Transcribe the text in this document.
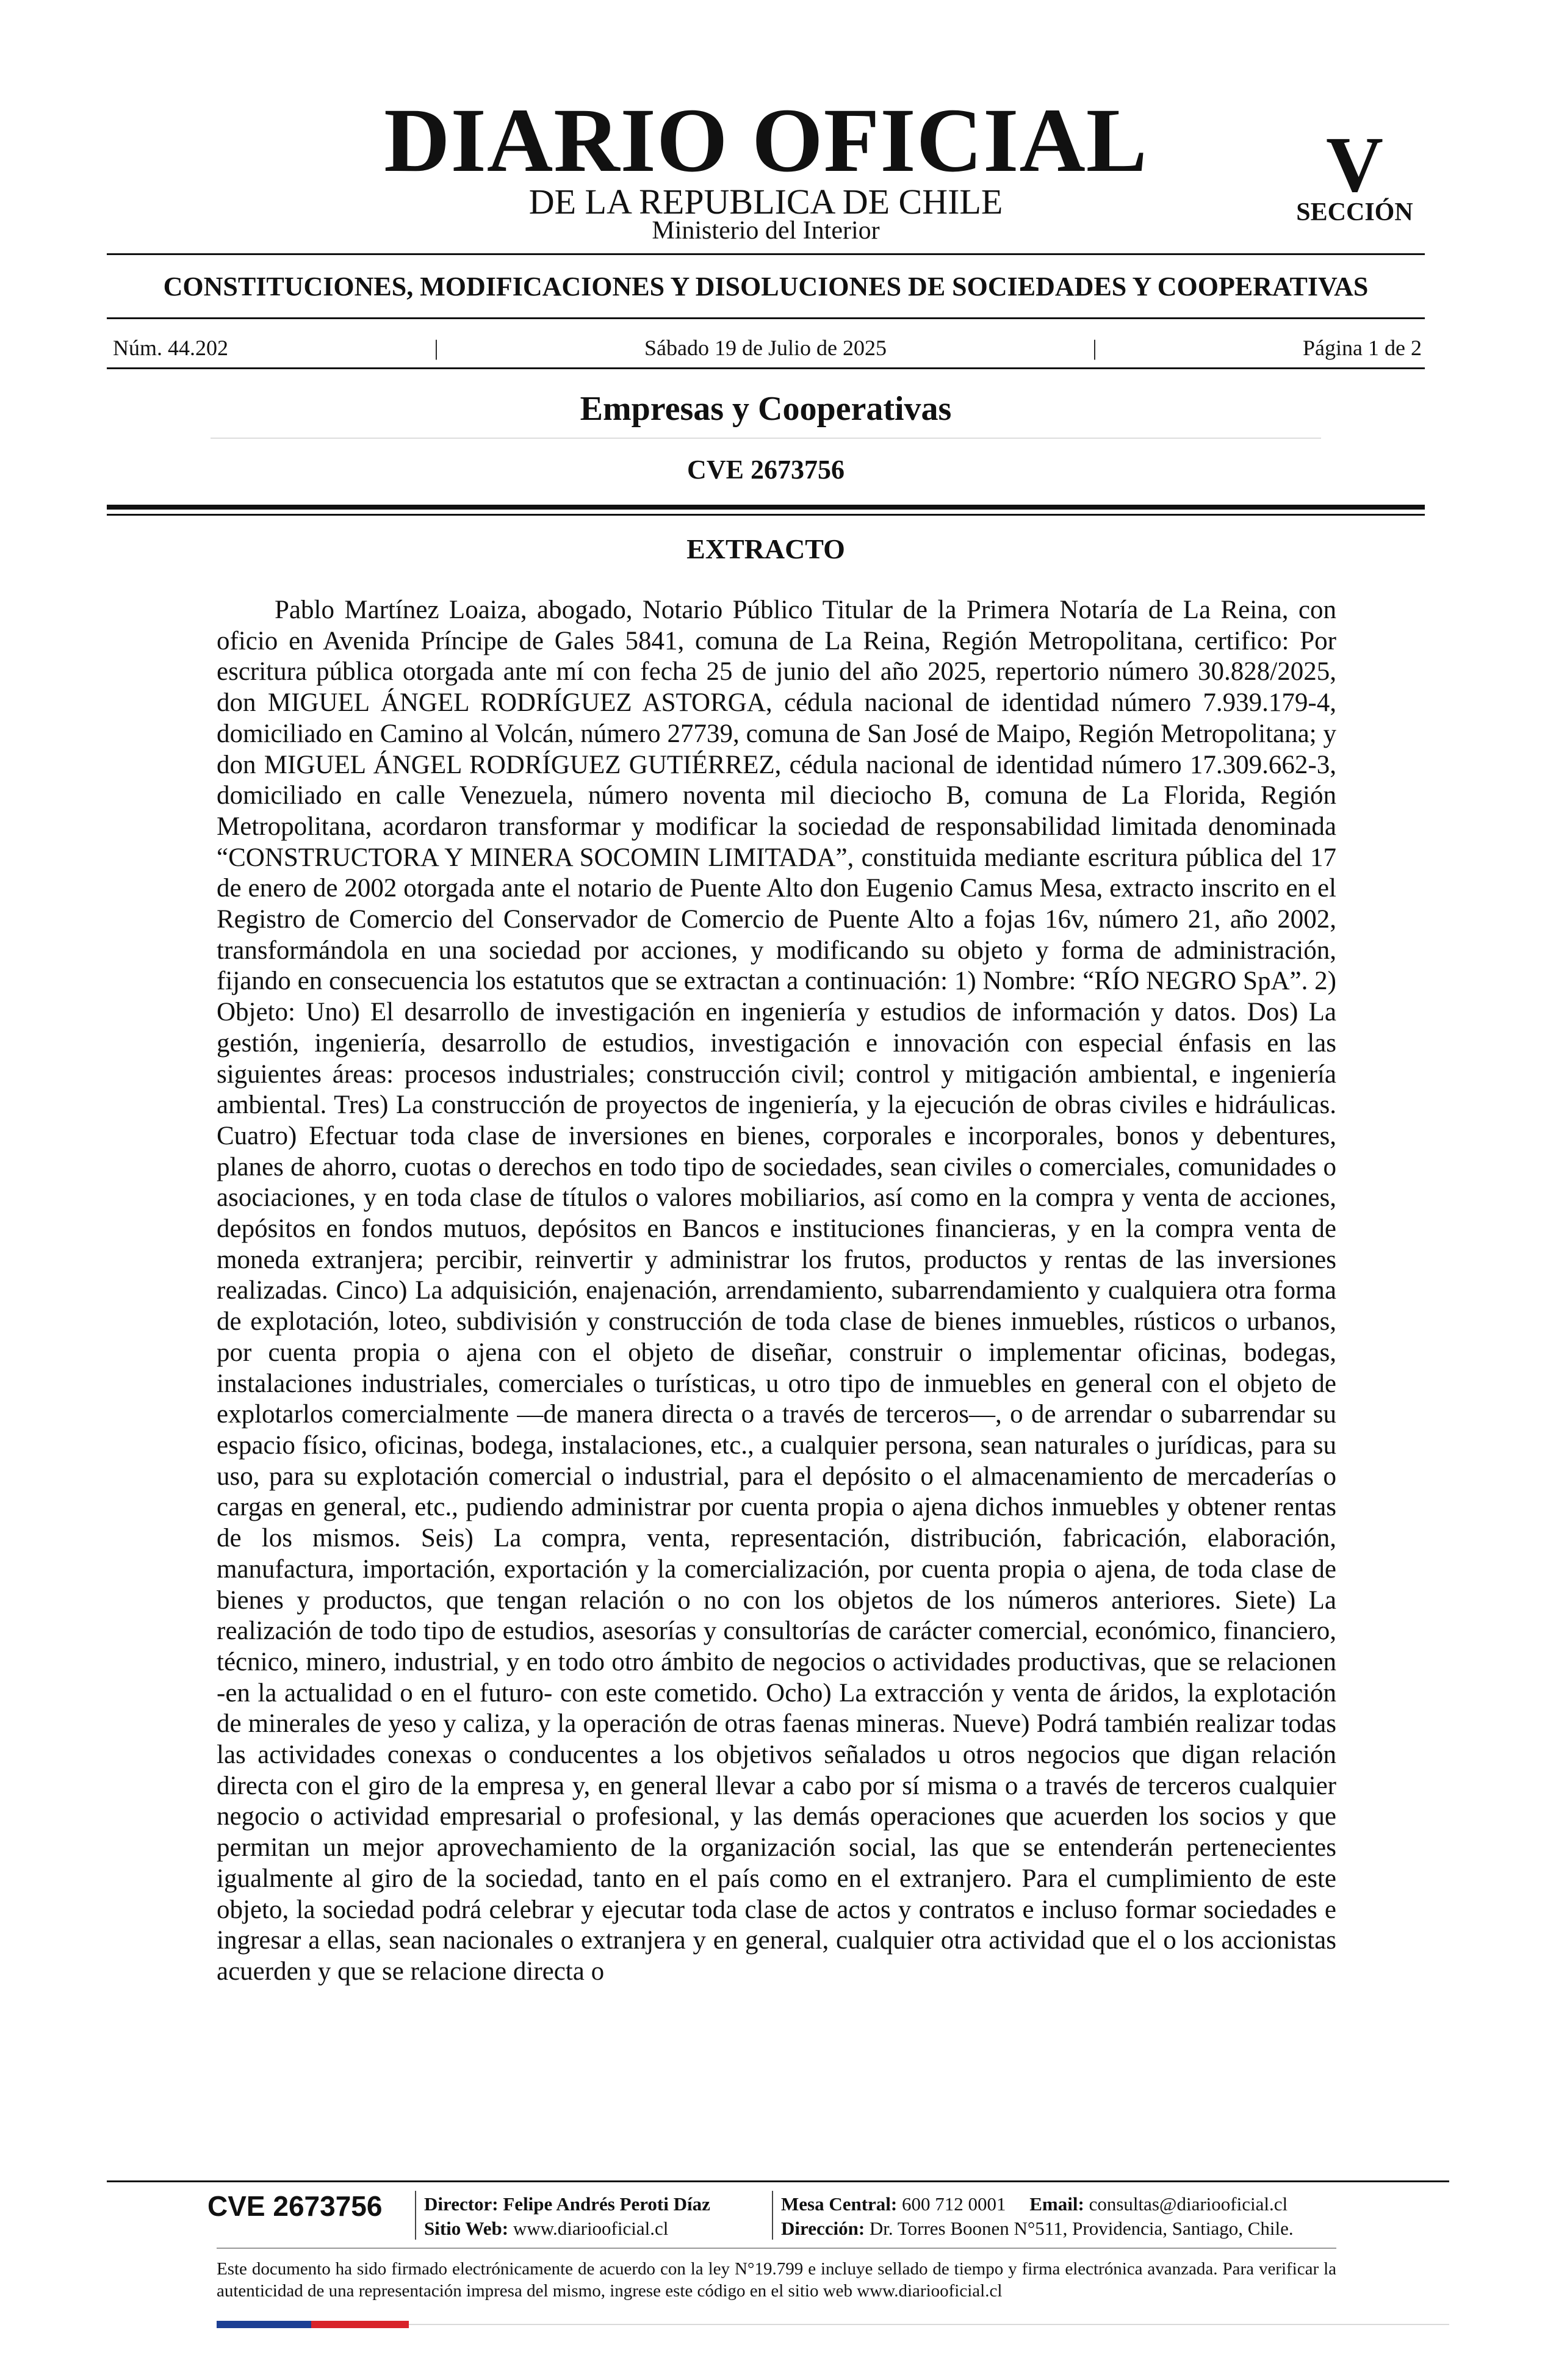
DIARIO OFICIAL
DE LA REPUBLICA DE CHILE
Ministerio del Interior
V
SECCIÓN
CONSTITUCIONES, MODIFICACIONES Y DISOLUCIONES DE SOCIEDADES Y COOPERATIVAS
Núm. 44.202	|	Sábado 19 de Julio de 2025	|	Página 1 de 2
Empresas y Cooperativas
CVE 2673756
EXTRACTO

Pablo Martínez Loaiza, abogado, Notario Público Titular de la Primera Notaría de La Reina, con oficio en Avenida Príncipe de Gales 5841, comuna de La Reina, Región Metropolitana, certifico: Por escritura pública otorgada ante mí con fecha 25 de junio del año 2025, repertorio número 30.828/2025, don MIGUEL ÁNGEL RODRÍGUEZ ASTORGA, cédula nacional de identidad número 7.939.179-4, domiciliado en Camino al Volcán, número 27739, comuna de San José de Maipo, Región Metropolitana; y don MIGUEL ÁNGEL RODRÍGUEZ GUTIÉRREZ, cédula nacional de identidad número 17.309.662-3, domiciliado en calle Venezuela, número noventa mil dieciocho B, comuna de La Florida, Región Metropolitana, acordaron transformar y modificar la sociedad de responsabilidad limitada denominada “CONSTRUCTORA Y MINERA SOCOMIN LIMITADA”, constituida mediante escritura pública del 17 de enero de 2002 otorgada ante el notario de Puente Alto don Eugenio Camus Mesa, extracto inscrito en el Registro de Comercio del Conservador de Comercio de Puente Alto a fojas 16v, número 21, año 2002, transformándola en una sociedad por acciones, y modificando su objeto y forma de administración, fijando en consecuencia los estatutos que se extractan a continuación: 1) Nombre: “RÍO NEGRO SpA”. 2) Objeto: Uno) El desarrollo de investigación en ingeniería y estudios de información y datos. Dos) La gestión, ingeniería, desarrollo de estudios, investigación e innovación con especial énfasis en las siguientes áreas: procesos industriales; construcción civil; control y mitigación ambiental, e ingeniería ambiental. Tres) La construcción de proyectos de ingeniería, y la ejecución de obras civiles e hidráulicas. Cuatro) Efectuar toda clase de inversiones en bienes, corporales e incorporales, bonos y debentures, planes de ahorro, cuotas o derechos en todo tipo de sociedades, sean civiles o comerciales, comunidades o asociaciones, y en toda clase de títulos o valores mobiliarios, así como en la compra y venta de acciones, depósitos en fondos mutuos, depósitos en Bancos e instituciones financieras, y en la compra venta de moneda extranjera; percibir, reinvertir y administrar los frutos, productos y rentas de las inversiones realizadas. Cinco) La adquisición, enajenación, arrendamiento, subarrendamiento y cualquiera otra forma de explotación, loteo, subdivisión y construcción de toda clase de bienes inmuebles, rústicos o urbanos, por cuenta propia o ajena con el objeto de diseñar, construir o implementar oficinas, bodegas, instalaciones industriales, comerciales o turísticas, u otro tipo de inmuebles en general con el objeto de explotarlos comercialmente —de manera directa o a través de terceros—, o de arrendar o subarrendar su espacio físico, oficinas, bodega, instalaciones, etc., a cualquier persona, sean naturales o jurídicas, para su uso, para su explotación comercial o industrial, para el depósito o el almacenamiento de mercaderías o cargas en general, etc., pudiendo administrar por cuenta propia o ajena dichos inmuebles y obtener rentas de los mismos. Seis) La compra, venta, representación, distribución, fabricación, elaboración, manufactura, importación, exportación y la comercialización, por cuenta propia o ajena, de toda clase de bienes y productos, que tengan relación o no con los objetos de los números anteriores. Siete) La realización de todo tipo de estudios, asesorías y consultorías de carácter comercial, económico, financiero, técnico, minero, industrial, y en todo otro ámbito de negocios o actividades productivas, que se relacionen -en la actualidad o en el futuro- con este cometido. Ocho) La extracción y venta de áridos, la explotación de minerales de yeso y caliza, y la operación de otras faenas mineras. Nueve) Podrá también realizar todas las actividades conexas o conducentes a los objetivos señalados u otros negocios que digan relación directa con el giro de la empresa y, en general llevar a cabo por sí misma o a través de terceros cualquier negocio o actividad empresarial o profesional, y las demás operaciones que acuerden los socios y que permitan un mejor aprovechamiento de la organización social, las que se entenderán pertenecientes igualmente al giro de la sociedad, tanto en el país como en el extranjero. Para el cumplimiento de este objeto, la sociedad podrá celebrar y ejecutar toda clase de actos y contratos e incluso formar sociedades e ingresar a ellas, sean nacionales o extranjera y en general, cualquier otra actividad que el o los accionistas acuerden y que se relacione directa o

CVE 2673756	Director: Felipe Andrés Peroti Díaz
Sitio Web: www.diariooficial.cl
Mesa Central: 600 712 0001 Email: consultas@diariooficial.cl
Dirección: Dr. Torres Boonen N°511, Providencia, Santiago, Chile.

Este documento ha sido firmado electrónicamente de acuerdo con la ley N°19.799 e incluye sellado de tiempo y firma electrónica avanzada. Para verificar la autenticidad de una representación impresa del mismo, ingrese este código en el sitio web www.diariooficial.cl
